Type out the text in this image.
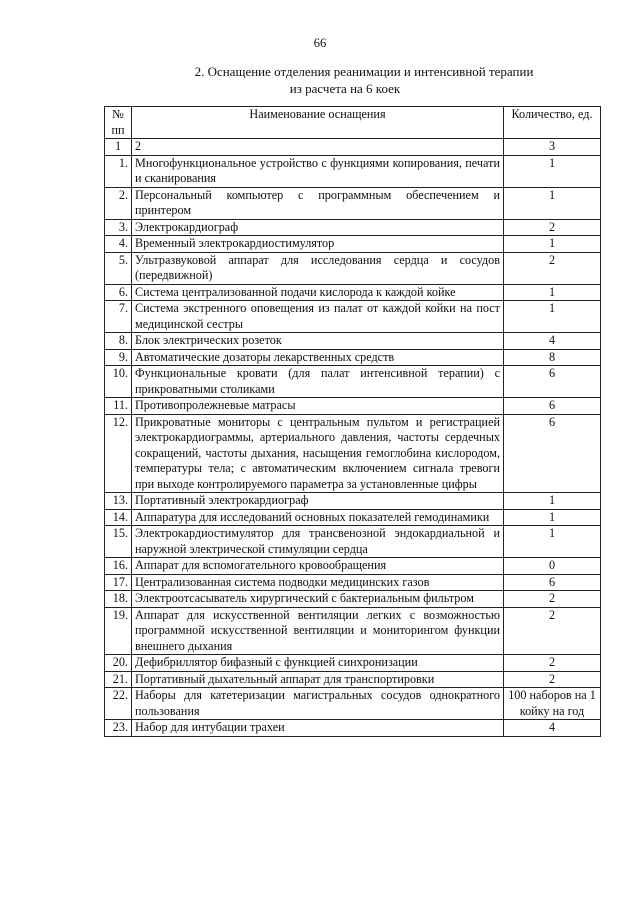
66
2. Оснащение отделения реанимации и интенсивной терапии
из расчета на 6 коек
№ пп	Наименование оснащения	Количество, ед.
1	2	3
1.	Многофункциональное устройство с функциями копирования, печати и сканирования	1
2.	Персональный компьютер с программным обеспечением и принтером	1
3.	Электрокардиограф	2
4.	Временный электрокардиостимулятор	1
5.	Ультразвуковой аппарат для исследования сердца и сосудов (передвижной)	2
6.	Система централизованной подачи кислорода к каждой койке	1
7.	Система экстренного оповещения из палат от каждой койки на пост медицинской сестры	1
8.	Блок электрических розеток	4
9.	Автоматические дозаторы лекарственных средств	8
10.	Функциональные кровати (для палат интенсивной терапии) с прикроватными столиками	6
11.	Противопролежневые матрасы	6
12.	Прикроватные мониторы с центральным пультом и регистрацией электрокардиограммы, артериального давления, частоты сердечных сокращений, частоты дыхания, насыщения гемоглобина кислородом, температуры тела; с автоматическим включением сигнала тревоги при выходе контролируемого параметра за установленные цифры	6
13.	Портативный электрокардиограф	1
14.	Аппаратура для исследований основных показателей гемодинамики	1
15.	Электрокардиостимулятор для трансвенозной эндокардиальной и наружной электрической стимуляции сердца	1
16.	Аппарат для вспомогательного кровообращения	0
17.	Централизованная система подводки медицинских газов	6
18.	Электроотсасыватель хирургический с бактериальным фильтром	2
19.	Аппарат для искусственной вентиляции легких с возможностью программной искусственной вентиляции и мониторингом функции внешнего дыхания	2
20.	Дефибриллятор бифазный с функцией синхронизации	2
21.	Портативный дыхательный аппарат для транспортировки	2
22.	Наборы для катетеризации магистральных сосудов однократного пользования	100 наборов на 1 койку на год
23.	Набор для интубации трахеи	4
